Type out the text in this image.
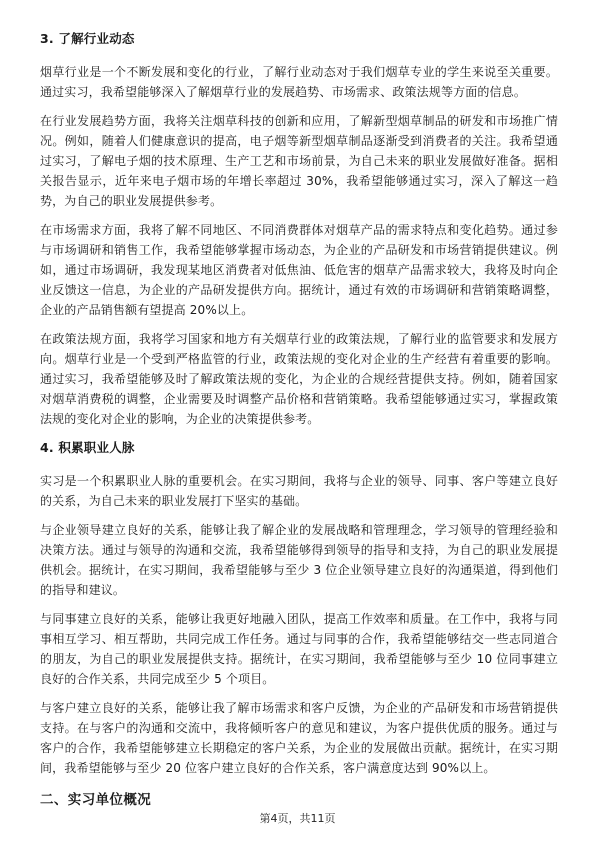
3. 了解行业动态
烟草行业是一个不断发展和变化的行业，了解行业动态对于我们烟草专业的学生来说至关重要。通过实习，我希望能够深入了解烟草行业的发展趋势、市场需求、政策法规等方面的信息。
在行业发展趋势方面，我将关注烟草科技的创新和应用，了解新型烟草制品的研发和市场推广情况。例如，随着人们健康意识的提高，电子烟等新型烟草制品逐渐受到消费者的关注。我希望通过实习，了解电子烟的技术原理、生产工艺和市场前景，为自己未来的职业发展做好准备。据相关报告显示，近年来电子烟市场的年增长率超过 30%，我希望能够通过实习，深入了解这一趋势，为自己的职业发展提供参考。
在市场需求方面，我将了解不同地区、不同消费群体对烟草产品的需求特点和变化趋势。通过参与市场调研和销售工作，我希望能够掌握市场动态，为企业的产品研发和市场营销提供建议。例如，通过市场调研，我发现某地区消费者对低焦油、低危害的烟草产品需求较大，我将及时向企业反馈这一信息，为企业的产品研发提供方向。据统计，通过有效的市场调研和营销策略调整，企业的产品销售额有望提高 20%以上。
在政策法规方面，我将学习国家和地方有关烟草行业的政策法规，了解行业的监管要求和发展方向。烟草行业是一个受到严格监管的行业，政策法规的变化对企业的生产经营有着重要的影响。通过实习，我希望能够及时了解政策法规的变化，为企业的合规经营提供支持。例如，随着国家对烟草消费税的调整，企业需要及时调整产品价格和营销策略。我希望能够通过实习，掌握政策法规的变化对企业的影响，为企业的决策提供参考。
4. 积累职业人脉
实习是一个积累职业人脉的重要机会。在实习期间，我将与企业的领导、同事、客户等建立良好的关系，为自己未来的职业发展打下坚实的基础。
与企业领导建立良好的关系，能够让我了解企业的发展战略和管理理念，学习领导的管理经验和决策方法。通过与领导的沟通和交流，我希望能够得到领导的指导和支持，为自己的职业发展提供机会。据统计，在实习期间，我希望能够与至少 3 位企业领导建立良好的沟通渠道，得到他们的指导和建议。
与同事建立良好的关系，能够让我更好地融入团队，提高工作效率和质量。在工作中，我将与同事相互学习、相互帮助，共同完成工作任务。通过与同事的合作，我希望能够结交一些志同道合的朋友，为自己的职业发展提供支持。据统计，在实习期间，我希望能够与至少 10 位同事建立良好的合作关系，共同完成至少 5 个项目。
与客户建立良好的关系，能够让我了解市场需求和客户反馈，为企业的产品研发和市场营销提供支持。在与客户的沟通和交流中，我将倾听客户的意见和建议，为客户提供优质的服务。通过与客户的合作，我希望能够建立长期稳定的客户关系，为企业的发展做出贡献。据统计，在实习期间，我希望能够与至少 20 位客户建立良好的合作关系，客户满意度达到 90%以上。
二、实习单位概况
第4页，共11页
